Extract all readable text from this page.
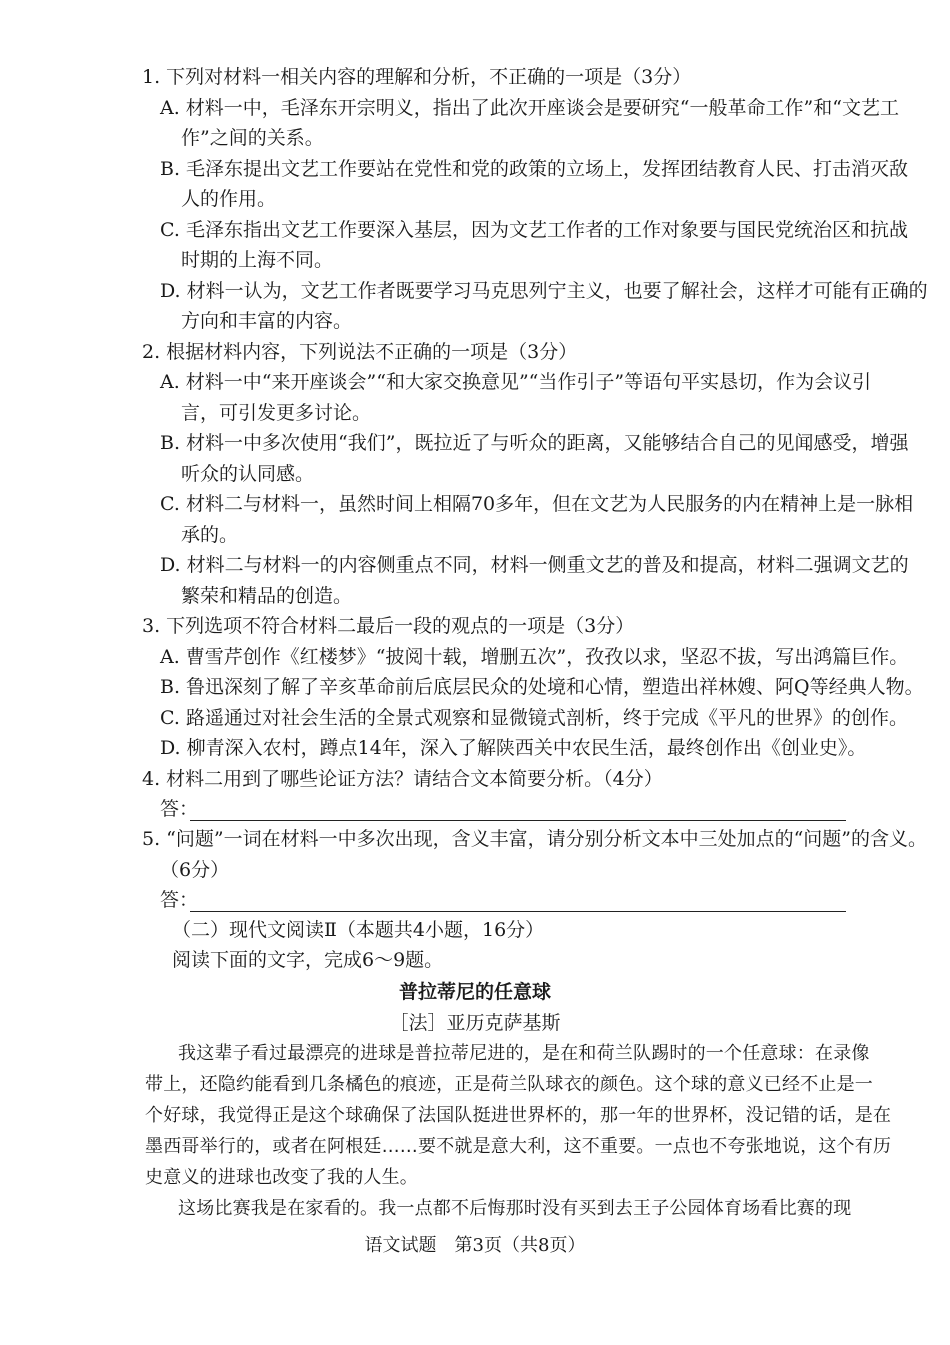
1. 下列对材料一相关内容的理解和分析，不正确的一项是（3分）
A. 材料一中，毛泽东开宗明义，指出了此次开座谈会是要研究“一般革命工作”和“文艺工
作”之间的关系。
B. 毛泽东提出文艺工作要站在党性和党的政策的立场上，发挥团结教育人民、打击消灭敌
人的作用。
C. 毛泽东指出文艺工作要深入基层，因为文艺工作者的工作对象要与国民党统治区和抗战
时期的上海不同。
D. 材料一认为，文艺工作者既要学习马克思列宁主义，也要了解社会，这样才可能有正确的
方向和丰富的内容。
2. 根据材料内容，下列说法不正确的一项是（3分）
A. 材料一中“来开座谈会”“和大家交换意见”“当作引子”等语句平实恳切，作为会议引
言，可引发更多讨论。
B. 材料一中多次使用“我们”，既拉近了与听众的距离，又能够结合自己的见闻感受，增强
听众的认同感。
C. 材料二与材料一，虽然时间上相隔70多年，但在文艺为人民服务的内在精神上是一脉相
承的。
D. 材料二与材料一的内容侧重点不同，材料一侧重文艺的普及和提高，材料二强调文艺的
繁荣和精品的创造。
3. 下列选项不符合材料二最后一段的观点的一项是（3分）
A. 曹雪芹创作《红楼梦》“披阅十载，增删五次”，孜孜以求，坚忍不拔，写出鸿篇巨作。
B. 鲁迅深刻了解了辛亥革命前后底层民众的处境和心情，塑造出祥林嫂、阿Q等经典人物。
C. 路遥通过对社会生活的全景式观察和显微镜式剖析，终于完成《平凡的世界》的创作。
D. 柳青深入农村，蹲点14年，深入了解陕西关中农民生活，最终创作出《创业史》。
4. 材料二用到了哪些论证方法？请结合文本简要分析。（4分）
答：
5. “问题”一词在材料一中多次出现，含义丰富，请分别分析文本中三处加点的“问题”的含义。
（6分）
答：
（二）现代文阅读Ⅱ（本题共4小题，16分）
阅读下面的文字，完成6～9题。
普拉蒂尼的任意球
［法］亚历克萨基斯
我这辈子看过最漂亮的进球是普拉蒂尼进的，是在和荷兰队踢时的一个任意球：在录像
带上，还隐约能看到几条橘色的痕迹，正是荷兰队球衣的颜色。这个球的意义已经不止是一
个好球，我觉得正是这个球确保了法国队挺进世界杯的，那一年的世界杯，没记错的话，是在
墨西哥举行的，或者在阿根廷……要不就是意大利，这不重要。一点也不夸张地说，这个有历
史意义的进球也改变了我的人生。
这场比赛我是在家看的。我一点都不后悔那时没有买到去王子公园体育场看比赛的现
语文试题　第3页（共8页）
